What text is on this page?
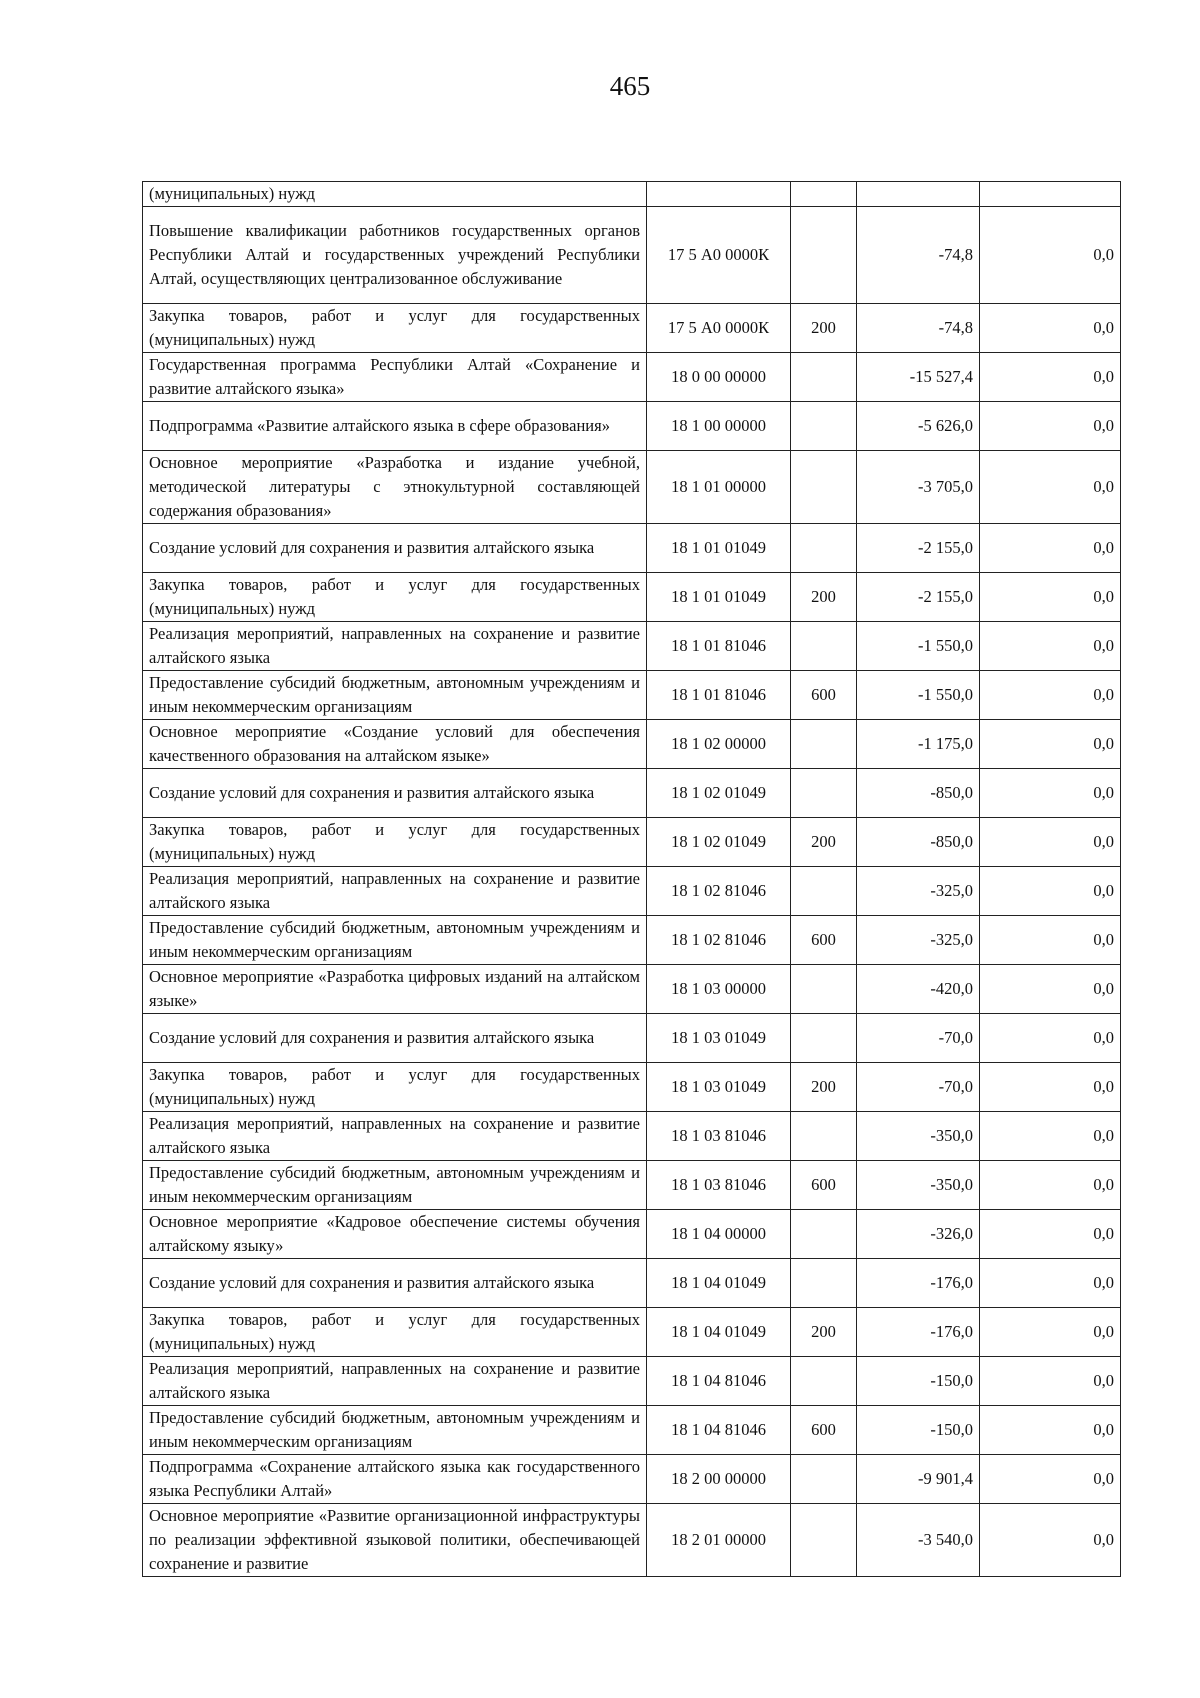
465
(муниципальных) нужд				
Повышение квалификации работников государственных органов Республики Алтай и государственных учреждений Республики Алтай, осуществляющих централизованное обслуживание	17 5 А0 0000К		-74,8	0,0
Закупка товаров, работ и услуг для государственных (муниципальных) нужд	17 5 А0 0000К	200	-74,8	0,0
Государственная программа Республики Алтай «Сохранение и развитие алтайского языка»	18 0 00 00000		-15 527,4	0,0
Подпрограмма «Развитие алтайского языка в сфере образования»	18 1 00 00000		-5 626,0	0,0
Основное мероприятие «Разработка и издание учебной, методической литературы с этнокультурной составляющей содержания образования»	18 1 01 00000		-3 705,0	0,0
Создание условий для сохранения и развития алтайского языка	18 1 01 01049		-2 155,0	0,0
Закупка товаров, работ и услуг для государственных (муниципальных) нужд	18 1 01 01049	200	-2 155,0	0,0
Реализация мероприятий, направленных на сохранение и развитие алтайского языка	18 1 01 81046		-1 550,0	0,0
Предоставление субсидий бюджетным, автономным учреждениям и иным некоммерческим организациям	18 1 01 81046	600	-1 550,0	0,0
Основное мероприятие «Создание условий для обеспечения качественного образования на алтайском языке»	18 1 02 00000		-1 175,0	0,0
Создание условий для сохранения и развития алтайского языка	18 1 02 01049		-850,0	0,0
Закупка товаров, работ и услуг для государственных (муниципальных) нужд	18 1 02 01049	200	-850,0	0,0
Реализация мероприятий, направленных на сохранение и развитие алтайского языка	18 1 02 81046		-325,0	0,0
Предоставление субсидий бюджетным, автономным учреждениям и иным некоммерческим организациям	18 1 02 81046	600	-325,0	0,0
Основное мероприятие «Разработка цифровых изданий на алтайском языке»	18 1 03 00000		-420,0	0,0
Создание условий для сохранения и развития алтайского языка	18 1 03 01049		-70,0	0,0
Закупка товаров, работ и услуг для государственных (муниципальных) нужд	18 1 03 01049	200	-70,0	0,0
Реализация мероприятий, направленных на сохранение и развитие алтайского языка	18 1 03 81046		-350,0	0,0
Предоставление субсидий бюджетным, автономным учреждениям и иным некоммерческим организациям	18 1 03 81046	600	-350,0	0,0
Основное мероприятие «Кадровое обеспечение системы обучения алтайскому языку»	18 1 04 00000		-326,0	0,0
Создание условий для сохранения и развития алтайского языка	18 1 04 01049		-176,0	0,0
Закупка товаров, работ и услуг для государственных (муниципальных) нужд	18 1 04 01049	200	-176,0	0,0
Реализация мероприятий, направленных на сохранение и развитие алтайского языка	18 1 04 81046		-150,0	0,0
Предоставление субсидий бюджетным, автономным учреждениям и иным некоммерческим организациям	18 1 04 81046	600	-150,0	0,0
Подпрограмма «Сохранение алтайского языка как государственного языка Республики Алтай»	18 2 00 00000		-9 901,4	0,0
Основное мероприятие «Развитие организационной инфраструктуры по реализации эффективной языковой политики, обеспечивающей сохранение и развитие	18 2 01 00000		-3 540,0	0,0
